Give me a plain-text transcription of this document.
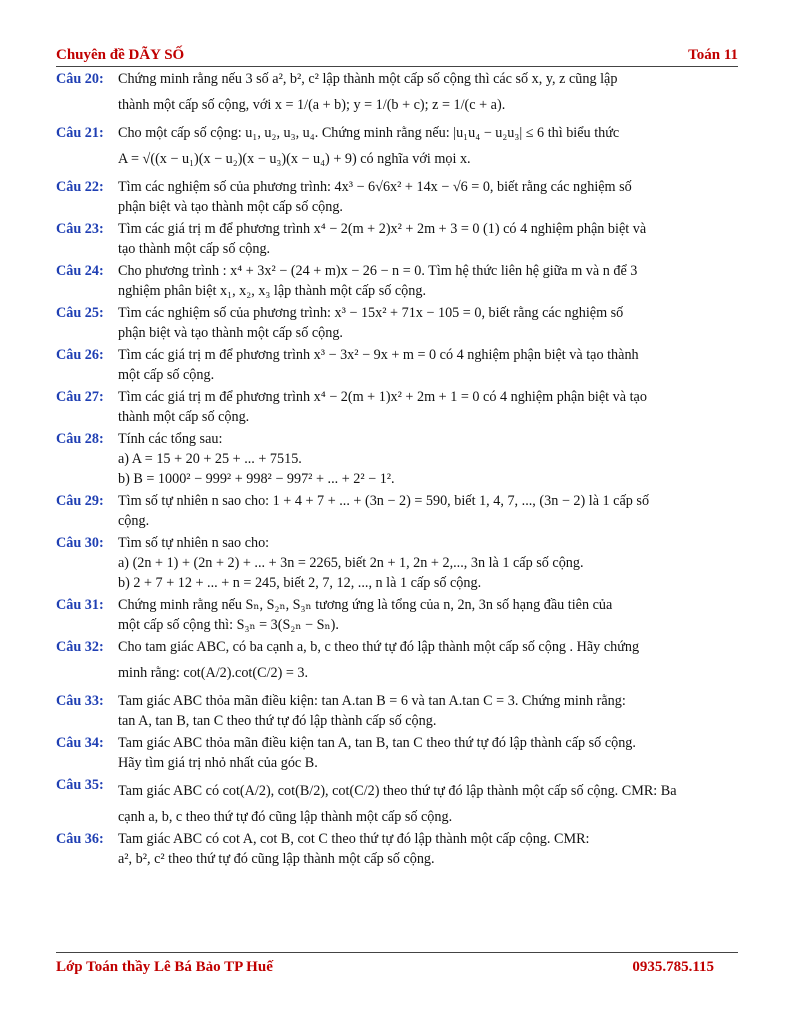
Chuyên đề DÃY SỐ	Toán 11
Câu 20:	Chứng minh rằng nếu 3 số a², b², c² lập thành một cấp số cộng thì các số x, y, z cũng lập
thành một cấp số cộng, với x = 1/(a + b); y = 1/(b + c); z = 1/(c + a).
Câu 21:	Cho một cấp số cộng: u₁, u₂, u₃, u₄. Chứng minh rằng nếu: |u₁u₄ − u₂u₃| ≤ 6 thì biểu thức
A = √((x − u₁)(x − u₂)(x − u₃)(x − u₄) + 9) có nghĩa với mọi x.
Câu 22:	Tìm các nghiệm số của phương trình: 4x³ − 6√6x² + 14x − √6 = 0, biết rằng các nghiệm số
phận biệt và tạo thành một cấp số cộng.
Câu 23:	Tìm các giá trị m để phương trình x⁴ − 2(m + 2)x² + 2m + 3 = 0 (1) có 4 nghiệm phận biệt và
tạo thành một cấp số cộng.
Câu 24:	Cho phương trình : x⁴ + 3x² − (24 + m)x − 26 − n = 0. Tìm hệ thức liên hệ giữa m và n để 3
nghiệm phân biệt x₁, x₂, x₃ lập thành một cấp số cộng.
Câu 25:	Tìm các nghiệm số của phương trình: x³ − 15x² + 71x − 105 = 0, biết rằng các nghiệm số
phận biệt và tạo thành một cấp số cộng.
Câu 26:	Tìm các giá trị m để phương trình x³ − 3x² − 9x + m = 0 có 4 nghiệm phận biệt và tạo thành
một cấp số cộng.
Câu 27:	Tìm các giá trị m để phương trình x⁴ − 2(m + 1)x² + 2m + 1 = 0 có 4 nghiệm phận biệt và tạo
thành một cấp số cộng.
Câu 28:	Tính các tổng sau:
a) A = 15 + 20 + 25 + ... + 7515.
b) B = 1000² − 999² + 998² − 997² + ... + 2² − 1².
Câu 29:	Tìm số tự nhiên n sao cho: 1 + 4 + 7 + ... + (3n − 2) = 590, biết 1, 4, 7, ..., (3n − 2) là 1 cấp số
cộng.
Câu 30:	Tìm số tự nhiên n sao cho:
a) (2n + 1) + (2n + 2) + ... + 3n = 2265, biết 2n + 1, 2n + 2,..., 3n là 1 cấp số cộng.
b) 2 + 7 + 12 + ... + n = 245, biết 2, 7, 12, ..., n là 1 cấp số cộng.
Câu 31:	Chứng minh rằng nếu Sₙ, S₂ₙ, S₃ₙ tương ứng là tổng của n, 2n, 3n số hạng đầu tiên của
một cấp số cộng thì: S₃ₙ = 3(S₂ₙ − Sₙ).
Câu 32:	Cho tam giác ABC, có ba cạnh a, b, c theo thứ tự đó lập thành một cấp số cộng . Hãy chứng
minh rằng: cot(A/2).cot(C/2) = 3.
Câu 33:	Tam giác ABC thỏa mãn điều kiện: tan A.tan B = 6 và tan A.tan C = 3. Chứng minh rằng:
tan A, tan B, tan C theo thứ tự đó lập thành cấp số cộng.
Câu 34:	Tam giác ABC thỏa mãn điều kiện tan A, tan B, tan C theo thứ tự đó lập thành cấp số cộng.
Hãy tìm giá trị nhỏ nhất của góc B.
Câu 35:	Tam giác ABC có cot(A/2), cot(B/2), cot(C/2) theo thứ tự đó lập thành một cấp số cộng. CMR: Ba
cạnh a, b, c theo thứ tự đó cũng lập thành một cấp số cộng.
Câu 36:	Tam giác ABC có cot A, cot B, cot C theo thứ tự đó lập thành một cấp cộng. CMR:
a², b², c² theo thứ tự đó cũng lập thành một cấp số cộng.
Lớp Toán thầy Lê Bá Bảo TP Huế	0935.785.115
